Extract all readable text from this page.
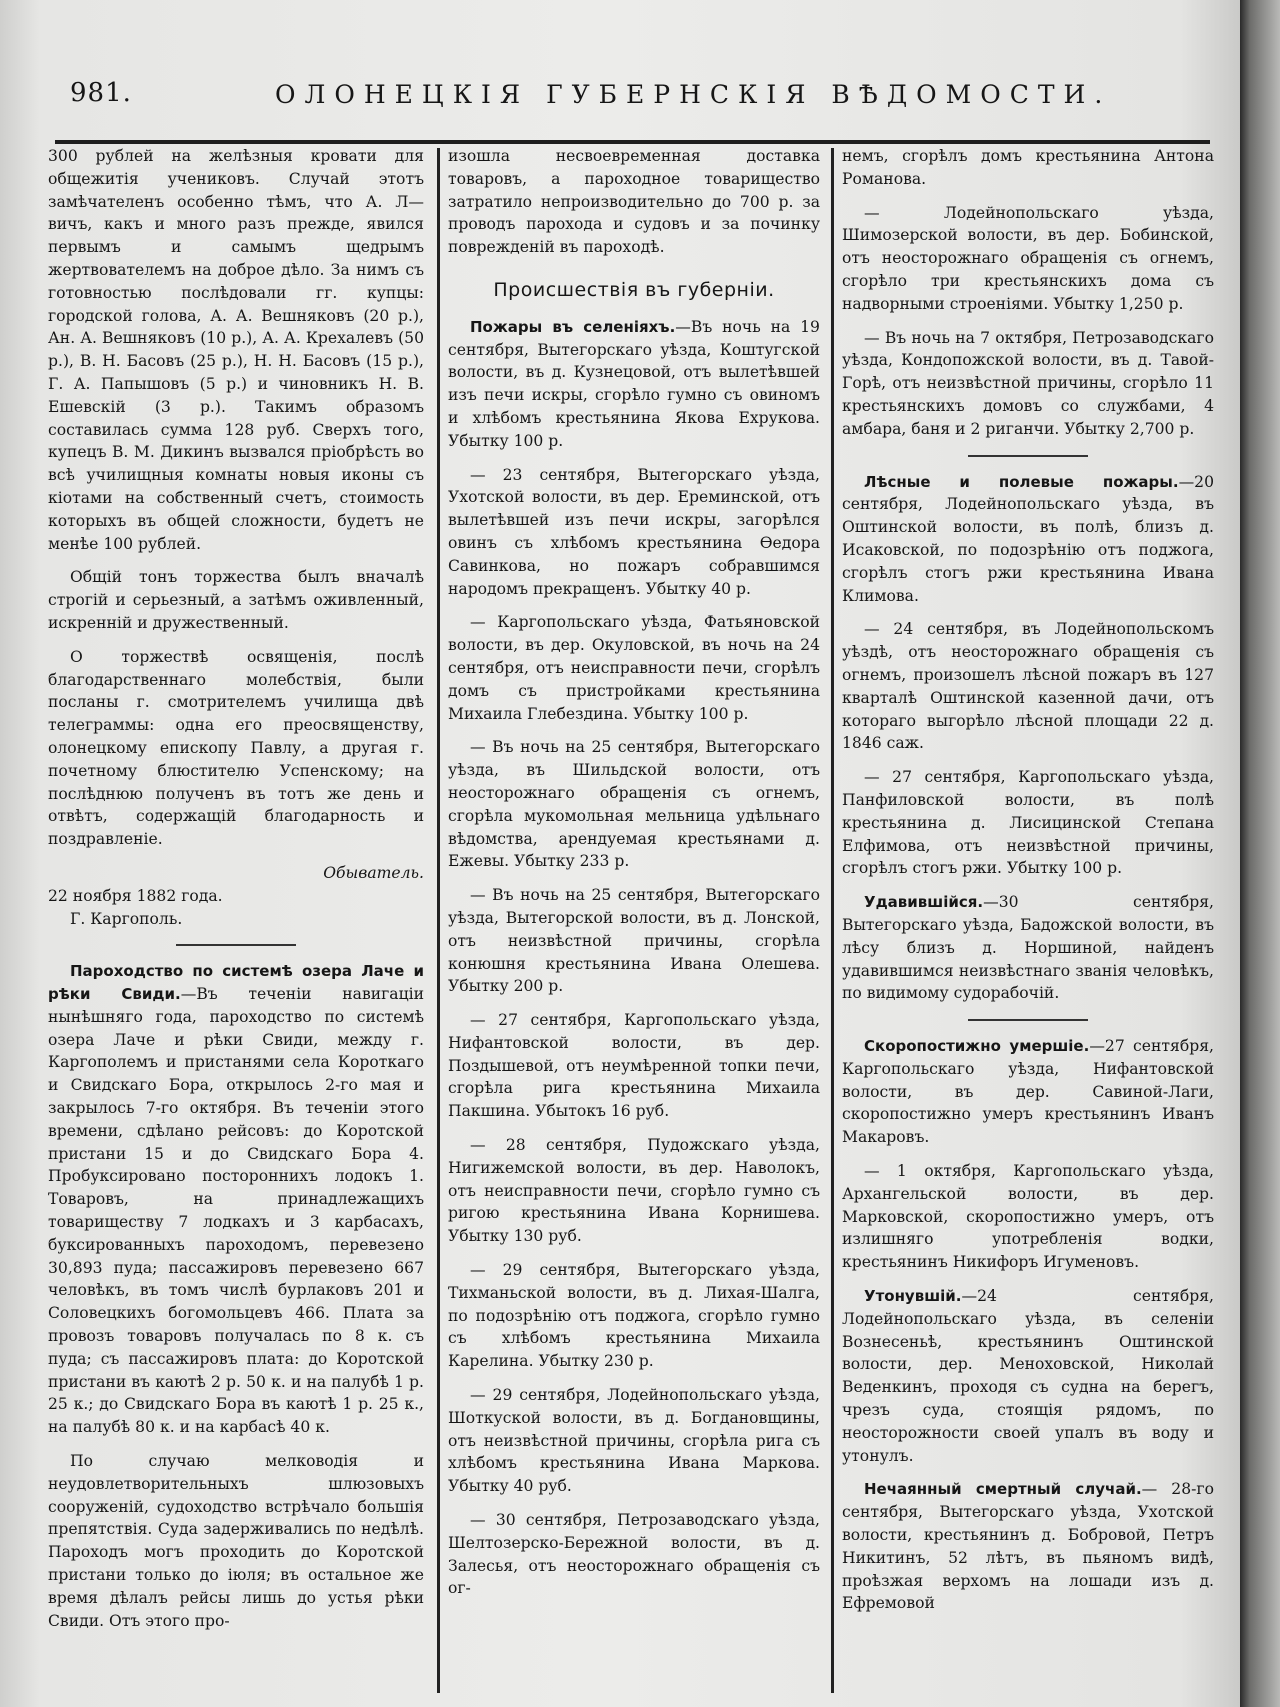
981.	ОЛОНЕЦКІЯ ГУБЕРНСКІЯ ВѢДОМОСТИ.

300 рублей на желѣзныя кровати для общежитія учениковъ. Случай этотъ замѣчателенъ особенно тѣмъ, что А. Л—вичъ, какъ и много разъ прежде, явился первымъ и самымъ щедрымъ жертвователемъ на доброе дѣло. За нимъ съ готовностью послѣдовали гг. купцы: городской голова, А. А. Вешняковъ (20 р.), Ан. А. Вешняковъ (10 р.), А. А. Крехалевъ (50 р.), В. Н. Басовъ (25 р.), Н. Н. Басовъ (15 р.), Г. А. Папышовъ (5 р.) и чиновникъ Н. В. Ешевскій (3 р.). Такимъ образомъ составилась сумма 128 руб. Сверхъ того, купецъ В. М. Дикинъ вызвался пріобрѣсть во всѣ училищныя комнаты новыя иконы съ кіотами на собственный счетъ, стоимость которыхъ въ общей сложности, будетъ не менѣе 100 рублей.

Общій тонъ торжества былъ вначалѣ строгій и серьезный, а затѣмъ оживленный, искренній и дружественный.

О торжествѣ освященія, послѣ благодарственнаго молебствія, были посланы г. смотрителемъ училища двѣ телеграммы: одна его преосвященству, олонецкому епископу Павлу, а другая г. почетному блюстителю Успенскому; на послѣднюю полученъ въ тотъ же день и отвѣтъ, содержащій благодарность и поздравленіе.

Обыватель.

22 ноября 1882 года.

Г. Каргополь.

Пароходство по системѣ озера Лаче и рѣки Свиди.—Въ теченіи навигаціи нынѣшняго года, пароходство по системѣ озера Лаче и рѣки Свиди, между г. Каргополемъ и пристанями села Короткаго и Свидскаго Бора, открылось 2-го мая и закрылось 7-го октября. Въ теченіи этого времени, сдѣлано рейсовъ: до Коротской пристани 15 и до Свидскаго Бора 4. Пробуксировано постороннихъ лодокъ 1. Товаровъ, на принадлежащихъ товариществу 7 лодкахъ и 3 карбасахъ, буксированныхъ пароходомъ, перевезено 30,893 пуда; пассажировъ перевезено 667 человѣкъ, въ томъ числѣ бурлаковъ 201 и Соловецкихъ богомольцевъ 466. Плата за провозъ товаровъ получалась по 8 к. съ пуда; съ пассажировъ плата: до Коротской пристани въ каютѣ 2 р. 50 к. и на палубѣ 1 р. 25 к.; до Свидскаго Бора въ каютѣ 1 р. 25 к., на палубѣ 80 к. и на карбасѣ 40 к.

По случаю мелководія и неудовлетворительныхъ шлюзовыхъ сооруженій, судоходство встрѣчало большія препятствія. Суда задерживались по недѣлѣ. Пароходъ могъ проходить до Коротской пристани только до іюля; въ остальное же время дѣлалъ рейсы лишь до устья рѣки Свиди. Отъ этого про-

изошла несвоевременная доставка товаровъ, а пароходное товарищество затратило непроизводительно до 700 р. за проводъ парохода и судовъ и за починку поврежденій въ пароходѣ.

Происшествія въ губерніи.

Пожары въ селеніяхъ.—Въ ночь на 19 сентября, Вытегорскаго уѣзда, Коштугской волости, въ д. Кузнецовой, отъ вылетѣвшей изъ печи искры, сгорѣло гумно съ овиномъ и хлѣбомъ крестьянина Якова Ехрукова. Убытку 100 р.

— 23 сентября, Вытегорскаго уѣзда, Ухотской волости, въ дер. Ереминской, отъ вылетѣвшей изъ печи искры, загорѣлся овинъ съ хлѣбомъ крестьянина Ѳедора Савинкова, но пожаръ собравшимся народомъ прекращенъ. Убытку 40 р.

— Каргопольскаго уѣзда, Фатьяновской волости, въ дер. Окуловской, въ ночь на 24 сентября, отъ неисправности печи, сгорѣлъ домъ съ пристройками крестьянина Михаила Глебездина. Убытку 100 р.

— Въ ночь на 25 сентября, Вытегорскаго уѣзда, въ Шильдской волости, отъ неосторожнаго обращенія съ огнемъ, сгорѣла мукомольная мельница удѣльнаго вѣдомства, арендуемая крестьянами д. Ежевы. Убытку 233 р.

— Въ ночь на 25 сентября, Вытегорскаго уѣзда, Вытегорской волости, въ д. Лонской, отъ неизвѣстной причины, сгорѣла конюшня крестьянина Ивана Олешева. Убытку 200 р.

— 27 сентября, Каргопольскаго уѣзда, Нифантовской волости, въ дер. Поздышевой, отъ неумѣренной топки печи, сгорѣла рига крестьянина Михаила Пакшина. Убытокъ 16 руб.

— 28 сентября, Пудожскаго уѣзда, Нигижемской волости, въ дер. Наволокъ, отъ неисправности печи, сгорѣло гумно съ ригою крестьянина Ивана Корнишева. Убытку 130 руб.

— 29 сентября, Вытегорскаго уѣзда, Тихманьской волости, въ д. Лихая-Шалга, по подозрѣнію отъ поджога, сгорѣло гумно съ хлѣбомъ крестьянина Михаила Карелина. Убытку 230 р.

— 29 сентября, Лодейнопольскаго уѣзда, Шоткуской волости, въ д. Богдановщины, отъ неизвѣстной причины, сгорѣла рига съ хлѣбомъ крестьянина Ивана Маркова. Убытку 40 руб.

— 30 сентября, Петрозаводскаго уѣзда, Шелтозерско-Бережной волости, въ д. Залесья, отъ неосторожнаго обращенія съ ог-

немъ, сгорѣлъ домъ крестьянина Антона Романова.

— Лодейнопольскаго уѣзда, Шимозерской волости, въ дер. Бобинской, отъ неосторожнаго обращенія съ огнемъ, сгорѣло три крестьянскихъ дома съ надворными строеніями. Убытку 1,250 р.

— Въ ночь на 7 октября, Петрозаводскаго уѣзда, Кондопожской волости, въ д. Тавой-Горѣ, отъ неизвѣстной причины, сгорѣло 11 крестьянскихъ домовъ со службами, 4 амбара, баня и 2 риганчи. Убытку 2,700 р.

Лѣсные и полевые пожары.—20 сентября, Лодейнопольскаго уѣзда, въ Оштинской волости, въ полѣ, близъ д. Исаковской, по подозрѣнію отъ поджога, сгорѣлъ стогъ ржи крестьянина Ивана Климова.

— 24 сентября, въ Лодейнопольскомъ уѣздѣ, отъ неосторожнаго обращенія съ огнемъ, произошелъ лѣсной пожаръ въ 127 кварталѣ Оштинской казенной дачи, отъ котораго выгорѣло лѣсной площади 22 д. 1846 саж.

— 27 сентября, Каргопольскаго уѣзда, Панфиловской волости, въ полѣ крестьянина д. Лисицинской Степана Елфимова, отъ неизвѣстной причины, сгорѣлъ стогъ ржи. Убытку 100 р.

Удавившійся.—30 сентября, Вытегорскаго уѣзда, Бадожской волости, въ лѣсу близъ д. Норшиной, найденъ удавившимся неизвѣстнаго званія человѣкъ, по видимому судорабочій.

Скоропостижно умершіе.—27 сентября, Каргопольскаго уѣзда, Нифантовской волости, въ дер. Савиной-Лаги, скоропостижно умеръ крестьянинъ Иванъ Макаровъ.

— 1 октября, Каргопольскаго уѣзда, Архангельской волости, въ дер. Марковской, скоропостижно умеръ, отъ излишняго употребленія водки, крестьянинъ Никифоръ Игуменовъ.

Утонувшій.—24 сентября, Лодейнопольскаго уѣзда, въ селеніи Вознесеньѣ, крестьянинъ Оштинской волости, дер. Меноховской, Николай Веденкинъ, проходя съ судна на берегъ, чрезъ суда, стоящія рядомъ, по неосторожности своей упалъ въ воду и утонулъ.

Нечаянный смертный случай.— 28-го сентября, Вытегорскаго уѣзда, Ухотской волости, крестьянинъ д. Бобровой, Петръ Никитинъ, 52 лѣтъ, въ пьяномъ видѣ, проѣзжая верхомъ на лошади изъ д. Ефремовой
